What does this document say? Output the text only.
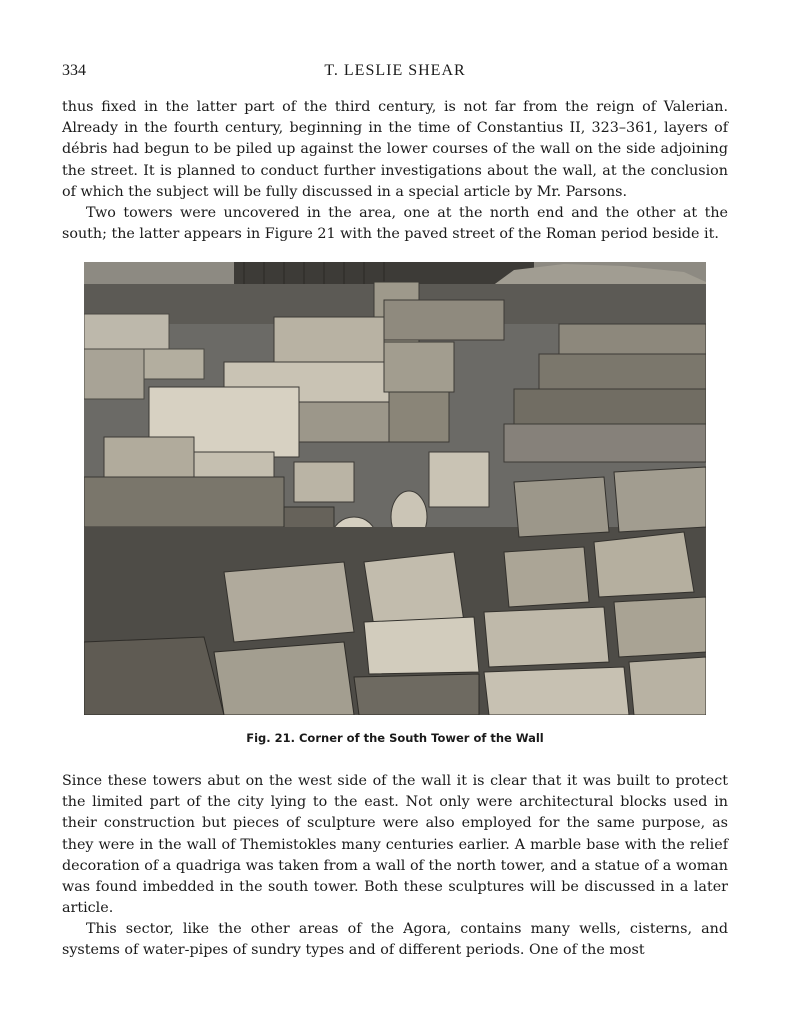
334	T. LESLIE SHEAR

thus fixed in the latter part of the third century, is not far from the reign of Valerian. Already in the fourth century, beginning in the time of Constantius II, 323–361, layers of débris had begun to be piled up against the lower courses of the wall on the side adjoining the street. It is planned to conduct further investigations about the wall, at the conclusion of which the subject will be fully discussed in a special article by Mr. Parsons.

Two towers were uncovered in the area, one at the north end and the other at the south; the latter appears in Figure 21 with the paved street of the Roman period beside it.

Fig. 21. Corner of the South Tower of the Wall

Since these towers abut on the west side of the wall it is clear that it was built to protect the limited part of the city lying to the east. Not only were architectural blocks used in their construction but pieces of sculpture were also employed for the same purpose, as they were in the wall of Themistokles many centuries earlier. A marble base with the relief decoration of a quadriga was taken from a wall of the north tower, and a statue of a woman was found imbedded in the south tower. Both these sculptures will be discussed in a later article.

This sector, like the other areas of the Agora, contains many wells, cisterns, and systems of water-pipes of sundry types and of different periods. One of the most
